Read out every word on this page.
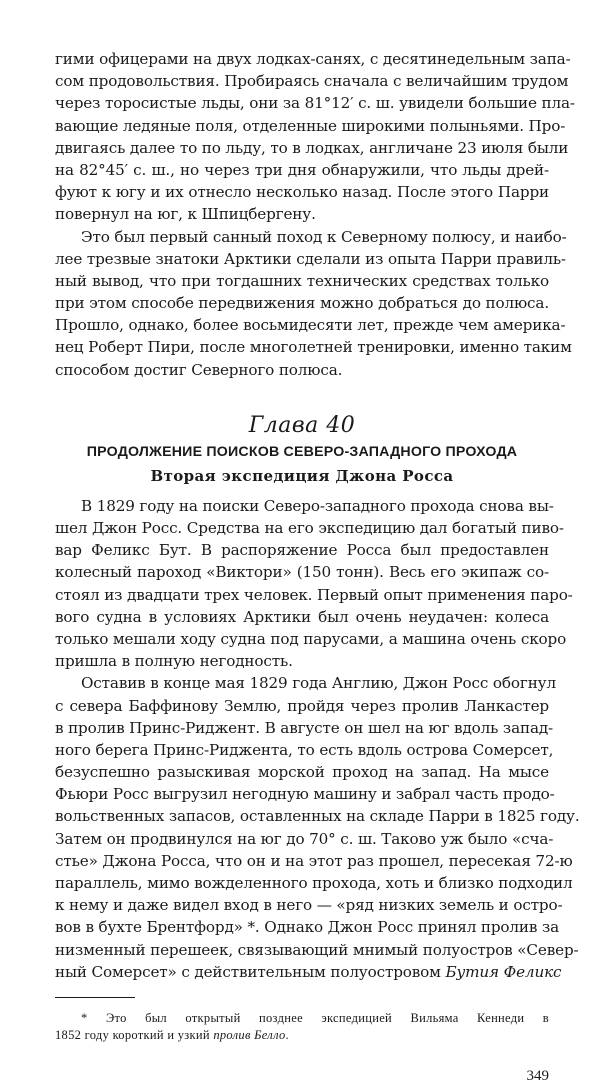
гими офицерами на двух лодках-санях, с десятинедельным запа-
сом продовольствия. Пробираясь сначала с величайшим трудом
через торосистые льды, они за 81°12′ с. ш. увидели большие пла-
вающие ледяные поля, отделенные широкими полыньями. Про-
двигаясь далее то по льду, то в лодках, англичане 23 июля были
на 82°45′ с. ш., но через три дня обнаружили, что льды дрей-
фуют к югу и их отнесло несколько назад. После этого Парри
повернул на юг, к Шпицбергену.
Это был первый санный поход к Северному полюсу, и наибо-
лее трезвые знатоки Арктики сделали из опыта Парри правиль-
ный вывод, что при тогдашних технических средствах только
при этом способе передвижения можно добраться до полюса.
Прошло, однако, более восьмидесяти лет, прежде чем америка-
нец Роберт Пири, после многолетней тренировки, именно таким
способом достиг Северного полюса.
Глава 40
ПРОДОЛЖЕНИЕ ПОИСКОВ СЕВЕРО-ЗАПАДНОГО ПРОХОДА
Вторая экспедиция Джона Росса
В 1829 году на поиски Северо-западного прохода снова вы-
шел Джон Росс. Средства на его экспедицию дал богатый пиво-
вар Феликс Бут. В распоряжение Росса был предоставлен
колесный пароход «Виктори» (150 тонн). Весь его экипаж со-
стоял из двадцати трех человек. Первый опыт применения паро-
вого судна в условиях Арктики был очень неудачен: колеса
только мешали ходу судна под парусами, а машина очень скоро
пришла в полную негодность.
Оставив в конце мая 1829 года Англию, Джон Росс обогнул
с севера Баффинову Землю, пройдя через пролив Ланкастер
в пролив Принс-Риджент. В августе он шел на юг вдоль запад-
ного берега Принс-Риджента, то есть вдоль острова Сомерсет,
безуспешно разыскивая морской проход на запад. На мысе
Фьюри Росс выгрузил негодную машину и забрал часть продо-
вольственных запасов, оставленных на складе Парри в 1825 году.
Затем он продвинулся на юг до 70° с. ш. Таково уж было «сча-
стье» Джона Росса, что он и на этот раз прошел, пересекая 72-ю
параллель, мимо вожделенного прохода, хоть и близко подходил
к нему и даже видел вход в него — «ряд низких земель и остро-
вов в бухте Брентфорд» *. Однако Джон Росс принял пролив за
низменный перешеек, связывающий мнимый полуостров «Север-
ный Сомерсет» с действительным полуостровом Бутия Феликс
* Это был открытый позднее экспедицией Вильяма Кеннеди в
1852 году короткий и узкий пролив Белло.
349
